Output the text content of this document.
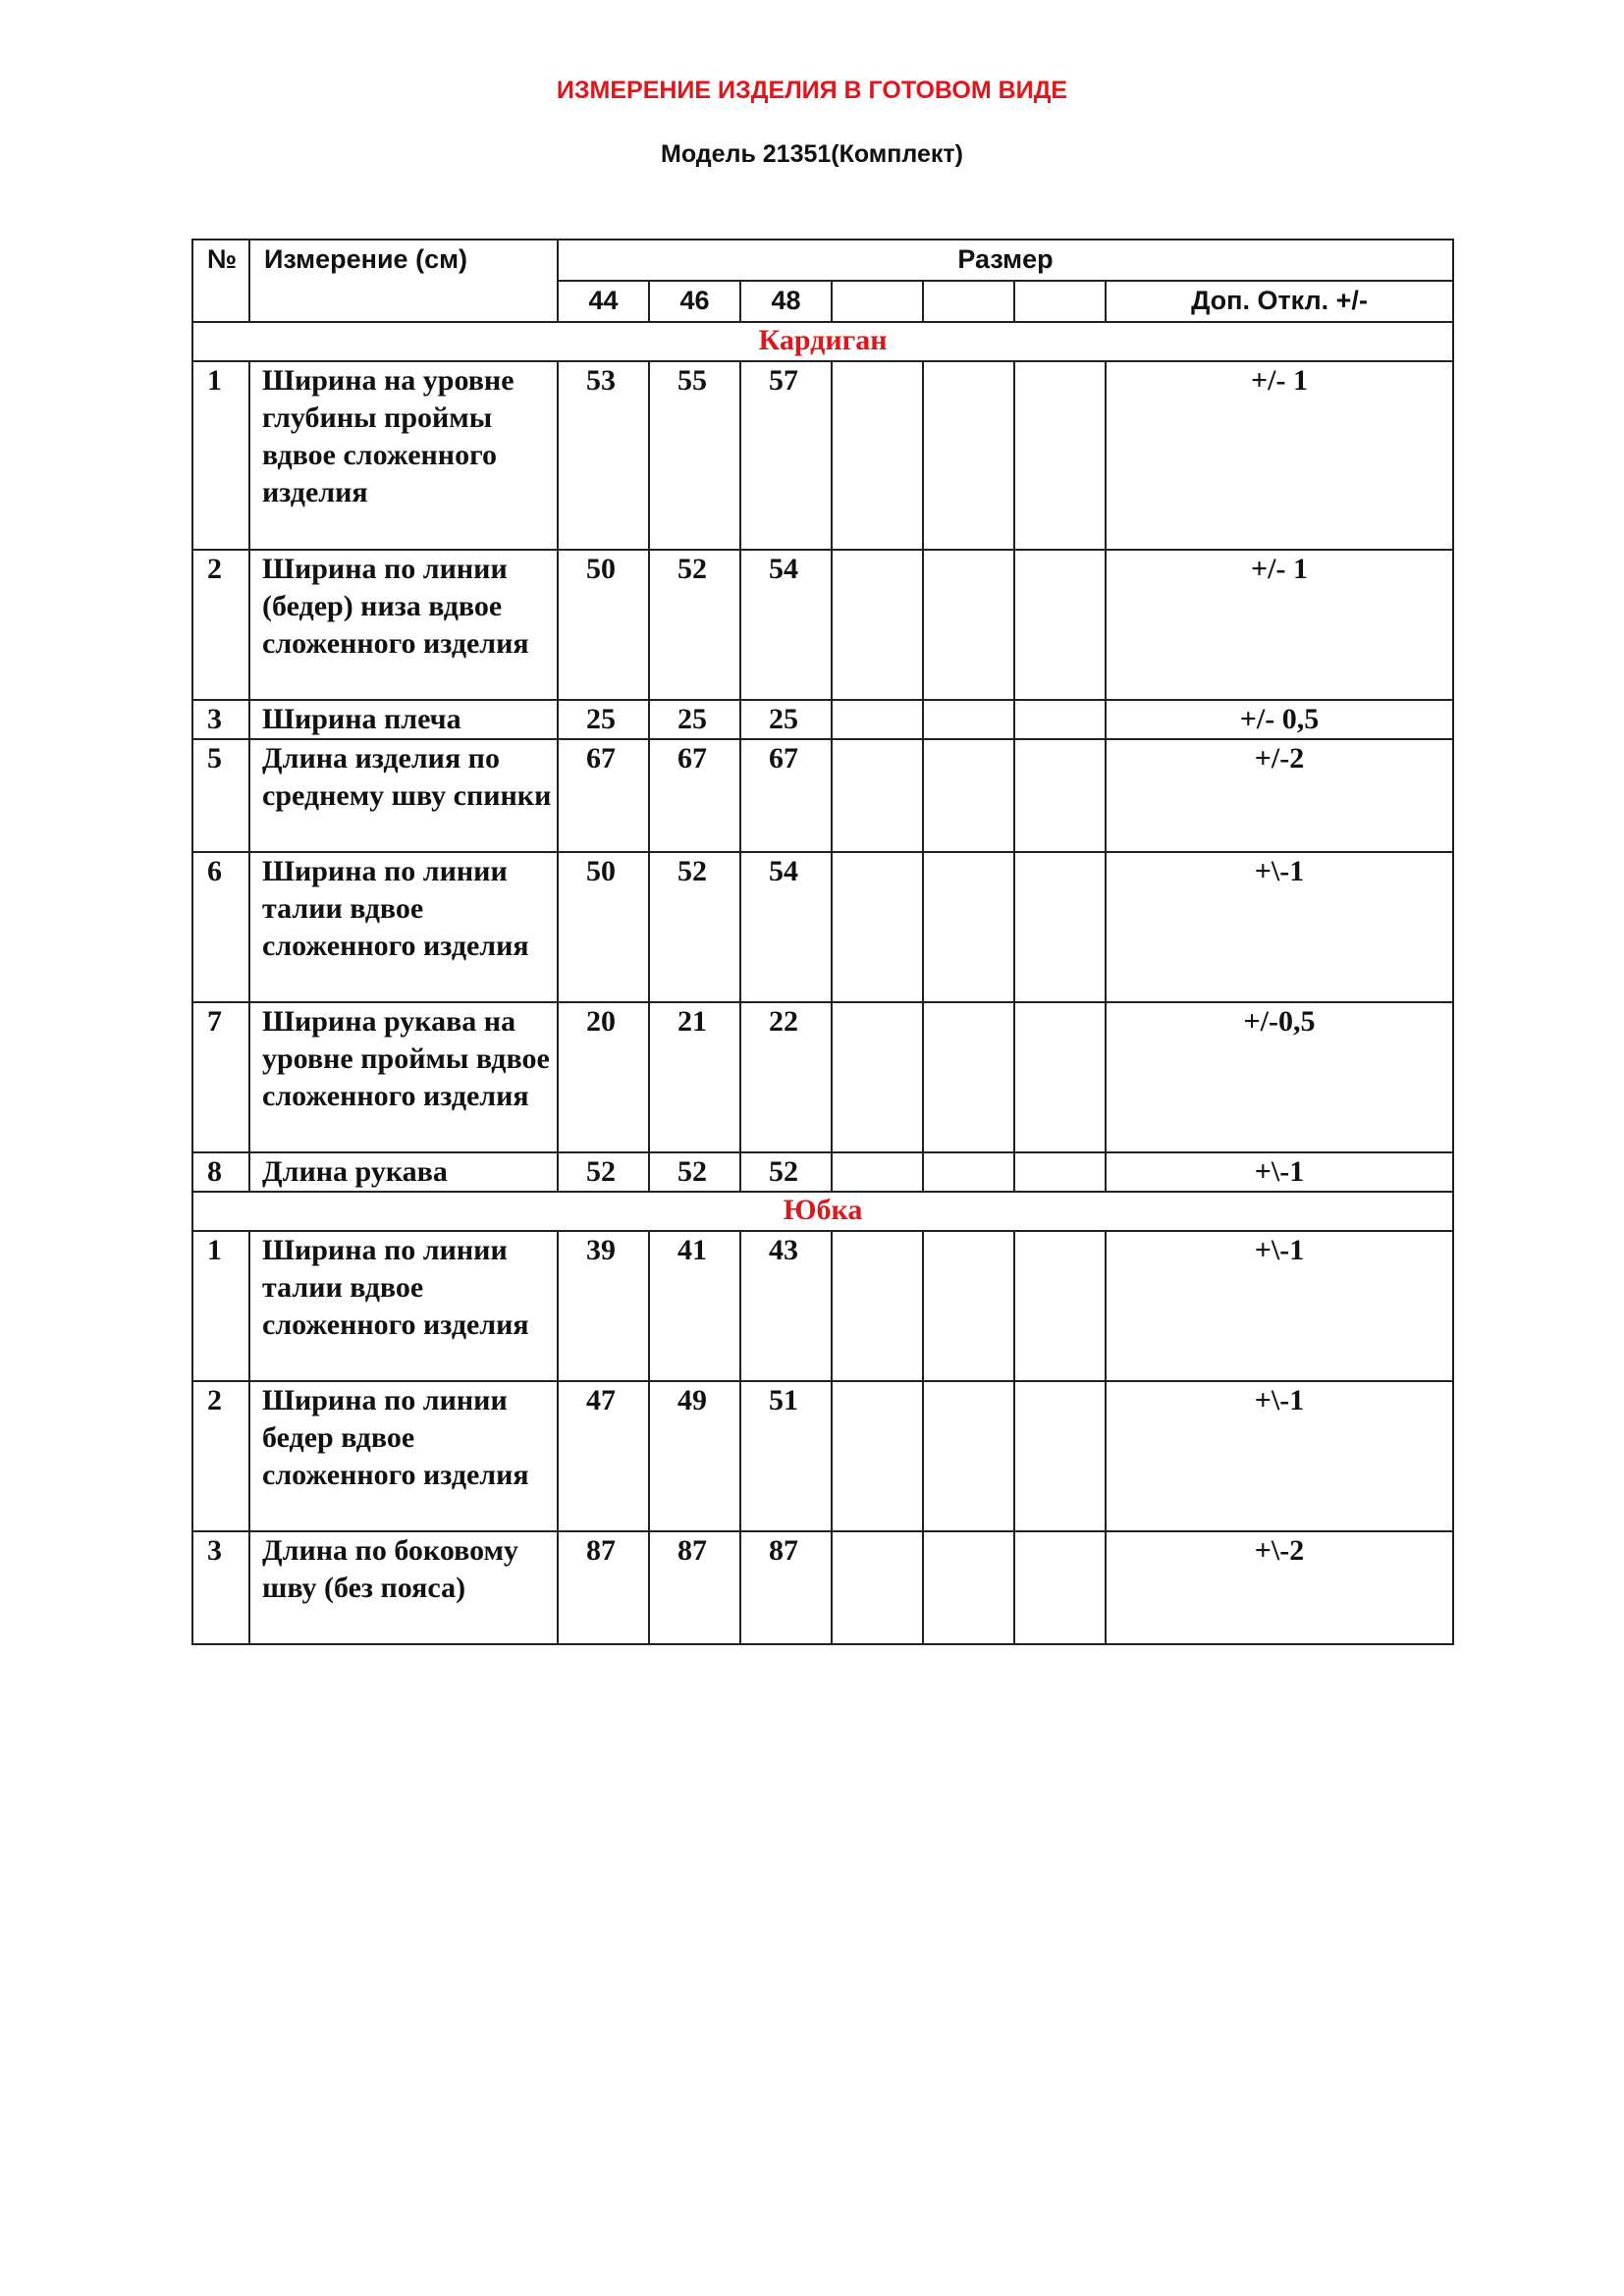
ИЗМЕРЕНИЕ ИЗДЕЛИЯ В ГОТОВОМ ВИДЕ
Модель 21351(Комплект)
№	Измерение (см)	Размер						
		44	46	48				Доп. Откл. +/-
Кардиган								
1	Ширина на уровне глубины проймы вдвое сложенного изделия	53	55	57				+/- 1
2	Ширина по линии (бедер) низа вдвое сложенного изделия	50	52	54				+/- 1
3	Ширина плеча	25	25	25				+/- 0,5
5	Длина изделия по среднему шву спинки	67	67	67				+/-2
6	Ширина по линии талии вдвое сложенного изделия	50	52	54				+\-1
7	Ширина рукава на уровне проймы вдвое сложенного изделия	20	21	22				+/-0,5
8	Длина рукава	52	52	52				+\-1
Юбка								
1	Ширина по линии талии вдвое сложенного изделия	39	41	43				+\-1
2	Ширина по линии бедер вдвое сложенного изделия	47	49	51				+\-1
3	Длина по боковому шву (без пояса)	87	87	87				+\-2
